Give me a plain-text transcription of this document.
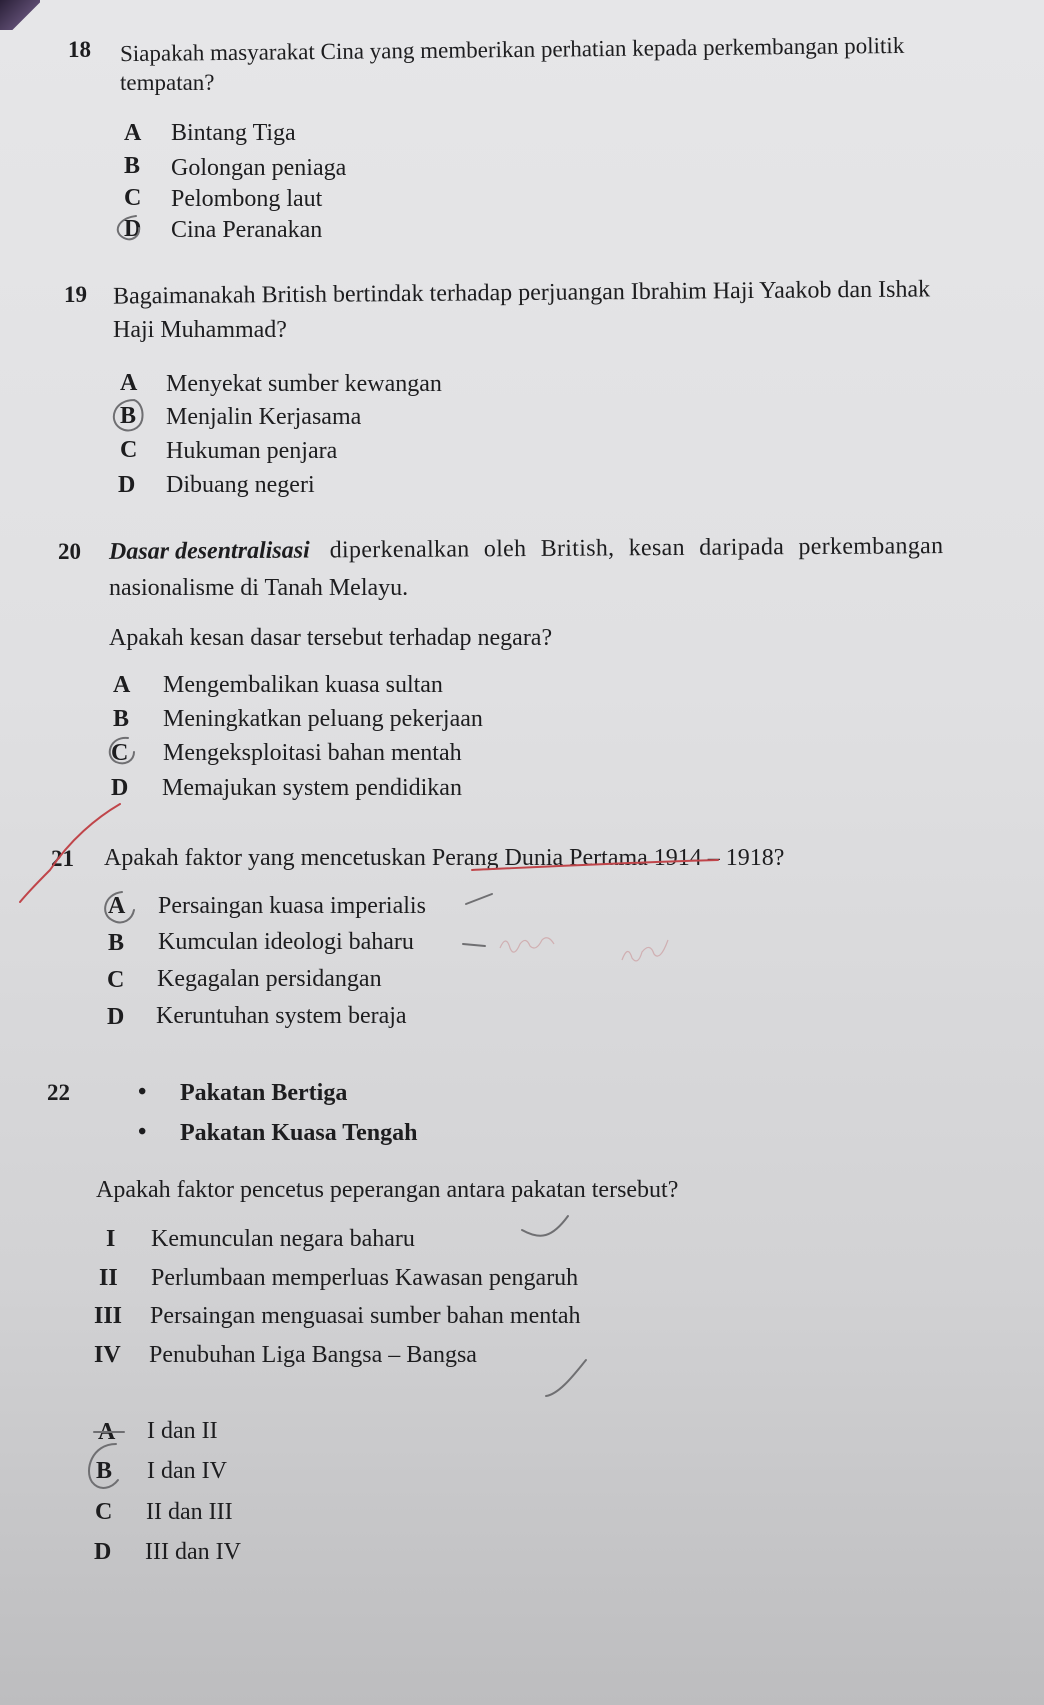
18 Siapakah masyarakat Cina yang memberikan perhatian kepada perkembangan politik
tempatan?
A Bintang Tiga
B Golongan peniaga
C Pelombong laut
D Cina Peranakan
19 Bagaimanakah British bertindak terhadap perjuangan Ibrahim Haji Yaakob dan Ishak
Haji Muhammad?
A Menyekat sumber kewangan
B Menjalin Kerjasama
C Hukuman penjara
D Dibuang negeri
20 Dasar desentralisasi diperkenalkan oleh British, kesan daripada perkembangan
nasionalisme di Tanah Melayu.
Apakah kesan dasar tersebut terhadap negara?
A Mengembalikan kuasa sultan
B Meningkatkan peluang pekerjaan
C Mengeksploitasi bahan mentah
D Memajukan system pendidikan
21 Apakah faktor yang mencetuskan Perang Dunia Pertama 1914 – 1918?
A Persaingan kuasa imperialis
B Kumculan ideologi baharu
C Kegagalan persidangan
D Keruntuhan system beraja
22	• Pakatan Bertiga
• Pakatan Kuasa Tengah
Apakah faktor pencetus peperangan antara pakatan tersebut?
I Kemunculan negara baharu
II Perlumbaan memperluas Kawasan pengaruh
III Persaingan menguasai sumber bahan mentah
IV Penubuhan Liga Bangsa – Bangsa
A I dan II
B I dan IV
C II dan III
D III dan IV
